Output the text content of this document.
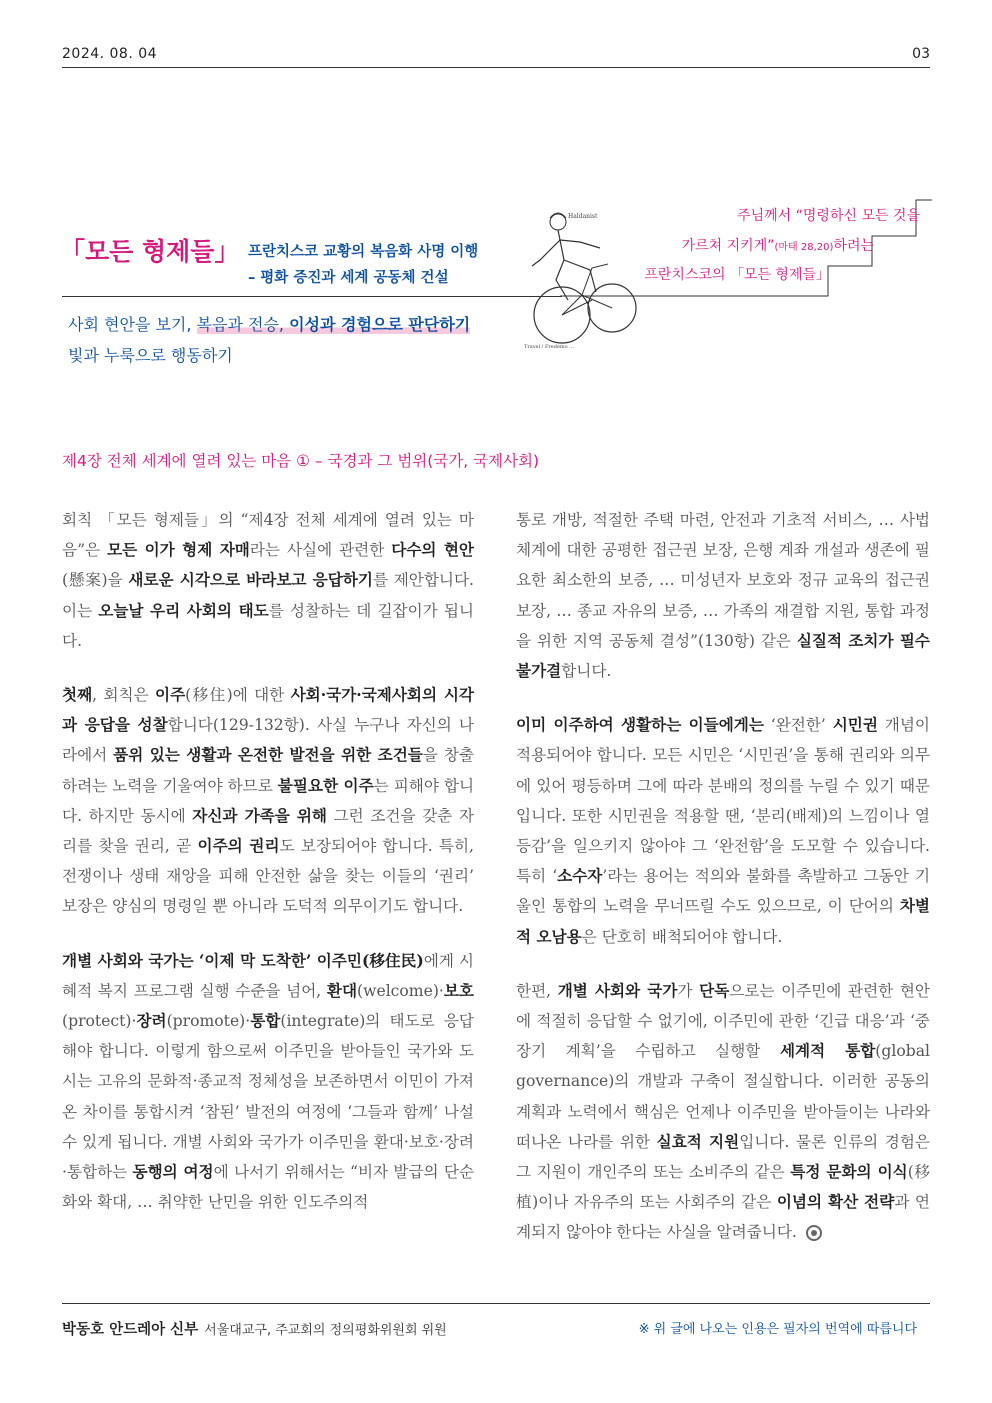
2024. 08. 04	03
「모든 형제들」 프란치스코 교황의 복음화 사명 이행
– 평화 증진과 세계 공동체 건설
사회 현안을 보기, 복음과 전승, 이성과 경험으로 판단하기
빛과 누룩으로 행동하기
Haldanist
Travel / Fredemo ...
주님께서 “명령하신 모든 것을
가르쳐 지키게”(마태 28,20)하려는
프란치스코의 「모든 형제들」
제4장 전체 세계에 열려 있는 마음 ① – 국경과 그 범위(국가, 국제사회)

회칙 「모든 형제들」의 “제4장 전체 세계에 열려 있는 마음”은 모든 이가 형제 자매라는 사실에 관련한 다수의 현안(懸案)을 새로운 시각으로 바라보고 응답하기를 제안합니다. 이는 오늘날 우리 사회의 태도를 성찰하는 데 길잡이가 됩니다.

첫째, 회칙은 이주(移住)에 대한 사회·국가·국제사회의 시각과 응답을 성찰합니다(129-132항). 사실 누구나 자신의 나라에서 품위 있는 생활과 온전한 발전을 위한 조건들을 창출하려는 노력을 기울여야 하므로 불필요한 이주는 피해야 합니다. 하지만 동시에 자신과 가족을 위해 그런 조건을 갖춘 자리를 찾을 권리, 곧 이주의 권리도 보장되어야 합니다. 특히, 전쟁이나 생태 재앙을 피해 안전한 삶을 찾는 이들의 ‘권리’ 보장은 양심의 명령일 뿐 아니라 도덕적 의무이기도 합니다.

개별 사회와 국가는 ‘이제 막 도착한’ 이주민(移住民)에게 시혜적 복지 프로그램 실행 수준을 넘어, 환대(welcome)·보호(protect)·장려(promote)·통합(integrate)의 태도로 응답해야 합니다. 이렇게 함으로써 이주민을 받아들인 국가와 도시는 고유의 문화적·종교적 정체성을 보존하면서 이민이 가져온 차이를 통합시켜 ‘참된’ 발전의 여정에 ‘그들과 함께’ 나설 수 있게 됩니다. 개별 사회와 국가가 이주민을 환대·보호·장려·통합하는 동행의 여정에 나서기 위해서는 “비자 발급의 단순화와 확대, … 취약한 난민을 위한 인도주의적

통로 개방, 적절한 주택 마련, 안전과 기초적 서비스, … 사법 체계에 대한 공평한 접근권 보장, 은행 계좌 개설과 생존에 필요한 최소한의 보증, … 미성년자 보호와 정규 교육의 접근권 보장, … 종교 자유의 보증, … 가족의 재결합 지원, 통합 과정을 위한 지역 공동체 결성”(130항) 같은 실질적 조치가 필수 불가결합니다.

이미 이주하여 생활하는 이들에게는 ‘완전한’ 시민권 개념이 적용되어야 합니다. 모든 시민은 ‘시민권’을 통해 권리와 의무에 있어 평등하며 그에 따라 분배의 정의를 누릴 수 있기 때문입니다. 또한 시민권을 적용할 땐, ‘분리(배제)의 느낌이나 열등감’을 일으키지 않아야 그 ‘완전함’을 도모할 수 있습니다. 특히 ‘소수자’라는 용어는 적의와 불화를 촉발하고 그동안 기울인 통합의 노력을 무너뜨릴 수도 있으므로, 이 단어의 차별적 오남용은 단호히 배척되어야 합니다.

한편, 개별 사회와 국가가 단독으로는 이주민에 관련한 현안에 적절히 응답할 수 없기에, 이주민에 관한 ‘긴급 대응’과 ‘중장기 계획’을 수립하고 실행할 세계적 통합(global governance)의 개발과 구축이 절실합니다. 이러한 공동의 계획과 노력에서 핵심은 언제나 이주민을 받아들이는 나라와 떠나온 나라를 위한 실효적 지원입니다. 물론 인류의 경험은 그 지원이 개인주의 또는 소비주의 같은 특정 문화의 이식(移植)이나 자유주의 또는 사회주의 같은 이념의 확산 전략과 연계되지 않아야 한다는 사실을 알려줍니다.

박동호 안드레아 신부 서울대교구, 주교회의 정의평화위원회 위원	※ 위 글에 나오는 인용은 필자의 번역에 따릅니다
